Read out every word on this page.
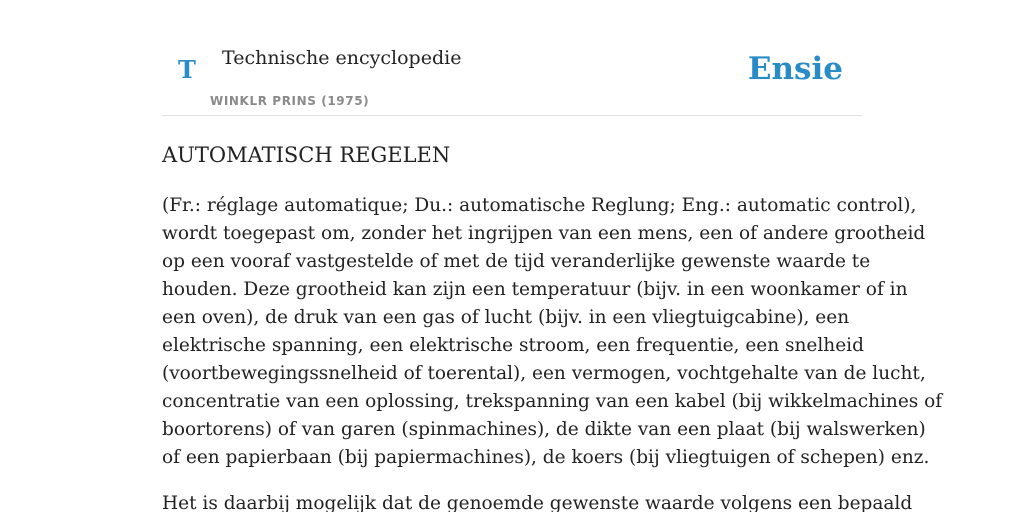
T Technische encyclopedie
WINKLR PRINS (1975)
Ensie
AUTOMATISCH REGELEN

(Fr.: réglage automatique; Du.: automatische Reglung; Eng.: automatic control),
wordt toegepast om, zonder het ingrijpen van een mens, een of andere grootheid
op een vooraf vastgestelde of met de tijd veranderlijke gewenste waarde te
houden. Deze grootheid kan zijn een temperatuur (bijv. in een woonkamer of in
een oven), de druk van een gas of lucht (bijv. in een vliegtuigcabine), een
elektrische spanning, een elektrische stroom, een frequentie, een snelheid
(voortbewegingssnelheid of toerental), een vermogen, vochtgehalte van de lucht,
concentratie van een oplossing, trekspanning van een kabel (bij wikkelmachines of
boortorens) of van garen (spinmachines), de dikte van een plaat (bij walswerken)
of een papierbaan (bij papiermachines), de koers (bij vliegtuigen of schepen) enz.

Het is daarbij mogelijk dat de genoemde gewenste waarde volgens een bepaald
